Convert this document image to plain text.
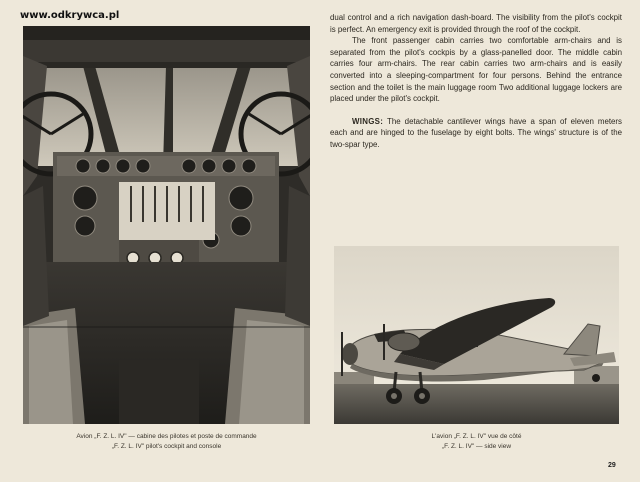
www.odkrywca.pl
Avion „F. Z. L. IV" — cabine des pilotes et poste de commande
„F. Z. L. IV" pilot's cockpit and console
L'avion „F. Z. L. IV" vue de côté
„F. Z. L. IV" — side view

dual control and a rich navigation dash-board. The visibility from the pilot's cockpit is perfect. An emergency exit is provided through the roof of the cockpit.

The front passenger cabin carries two comfortable arm-chairs and is separated from the pilot's cockpis by a glass-panelled door. The middle cabin carries four arm-chairs. The rear cabin carries two arm-chairs and is easily converted into a sleeping-compartment for four persons. Behind the entrance section and the toilet is the main luggage room Two additional luggage lockers are placed under the pilot's cockpit.

WINGS: The detachable cantilever wings have a span of eleven meters each and are hinged to the fuselage by eight bolts. The wings' structure is of the two-spar type.

29
